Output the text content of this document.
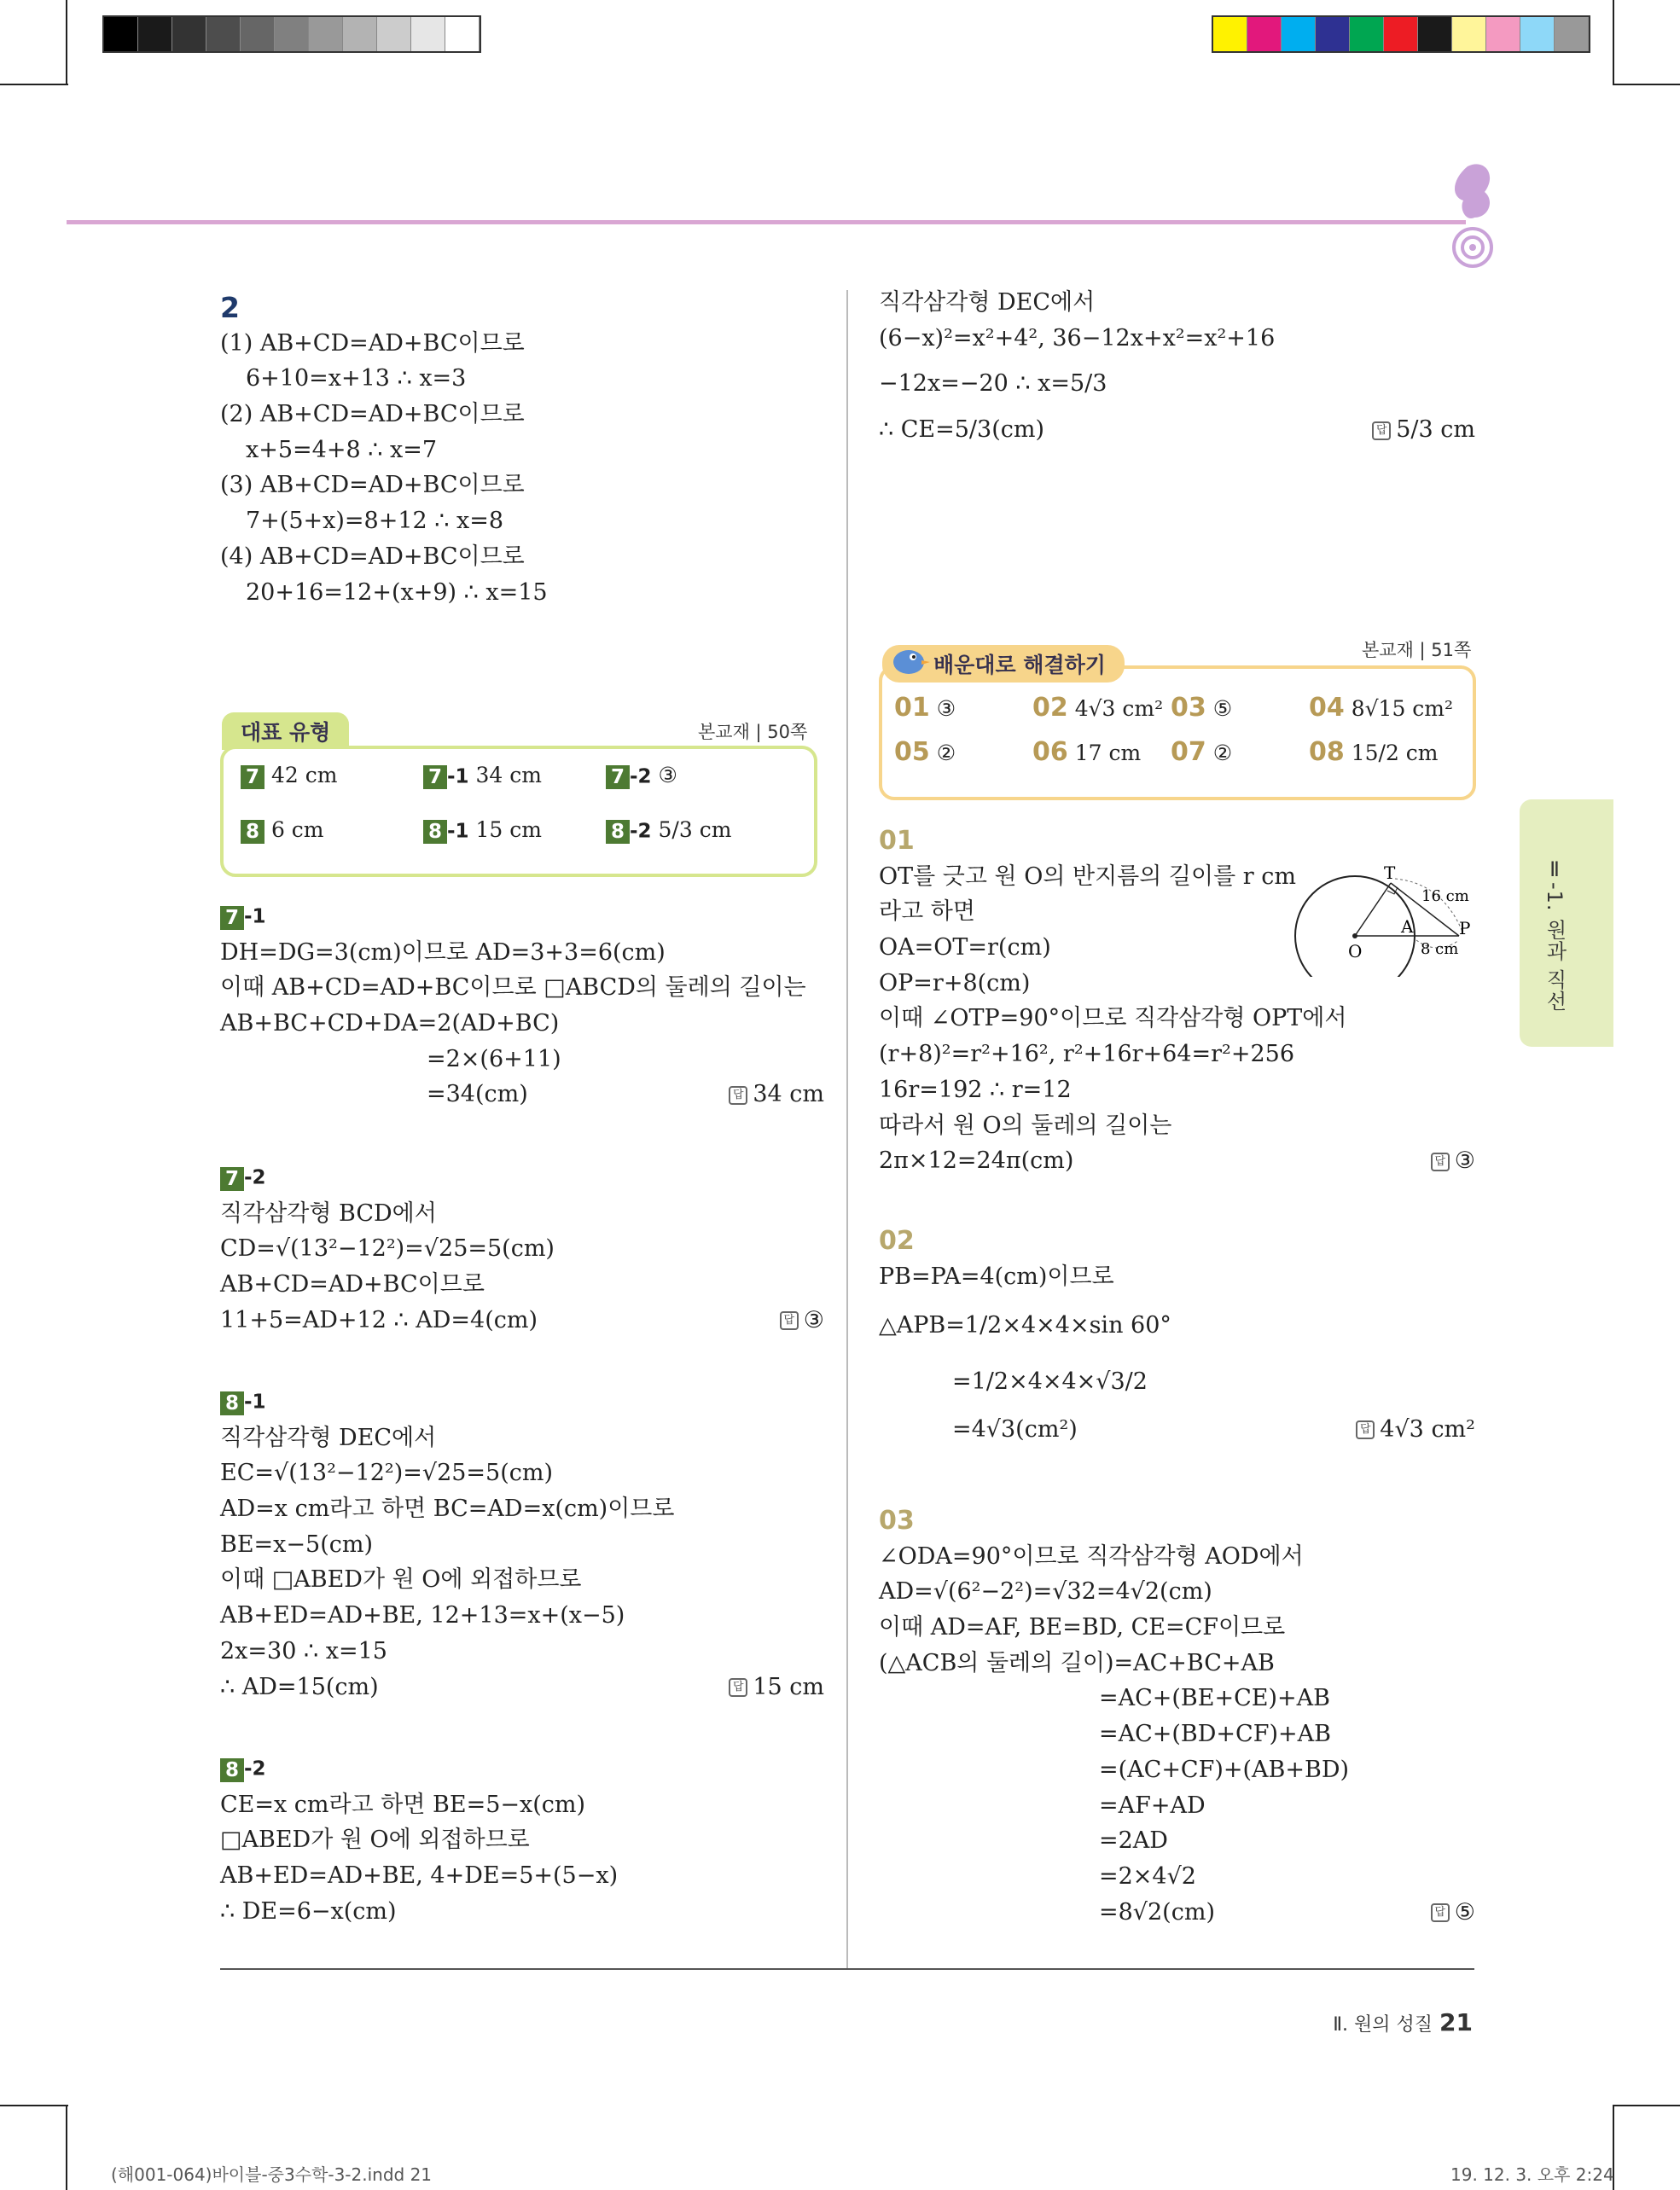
2
(1) AB+CD=AD+BC이므로
6+10=x+13 ∴ x=3
(2) AB+CD=AD+BC이므로
x+5=4+8 ∴ x=7
(3) AB+CD=AD+BC이므로
7+(5+x)=8+12 ∴ x=8
(4) AB+CD=AD+BC이므로
20+16=12+(x+9) ∴ x=15
대표 유형	본교재 | 50쪽
7 42 cm	7 -1 34 cm	7 -2 ③
8 6 cm	8 -1 15 cm	8 -2 5/3 cm
7 -1
DH=DG=3(cm)이므로 AD=3+3=6(cm)
이때 AB+CD=AD+BC이므로 □ABCD의 둘레의 길이는
AB+BC+CD+DA=2(AD+BC)
=2×(6+11)
=34(cm)	답 34 cm
7 -2
직각삼각형 BCD에서
CD=√(13²−12²)=√25=5(cm)
AB+CD=AD+BC이므로
11+5=AD+12 ∴ AD=4(cm)	답 ③
8 -1
직각삼각형 DEC에서
EC=√(13²−12²)=√25=5(cm)
AD=x cm라고 하면 BC=AD=x(cm)이므로
BE=x−5(cm)
이때 □ABED가 원 O에 외접하므로
AB+ED=AD+BE, 12+13=x+(x−5)
2x=30 ∴ x=15
∴ AD=15(cm)	답 15 cm
8 -2
CE=x cm라고 하면 BE=5−x(cm)
□ABED가 원 O에 외접하므로
AB+ED=AD+BE, 4+DE=5+(5−x)
∴ DE=6−x(cm)
직각삼각형 DEC에서
(6−x)²=x²+4², 36−12x+x²=x²+16
−12x=−20 ∴ x=5/3
∴ CE=5/3(cm)	답 5/3 cm
본교재 | 51쪽
01 ③	02 4√3 cm² 03 ⑤	04 8√15 cm²
05 ②	06 17 cm 07 ②	08 15/2 cm
배운대로 해결하기
01
OT를 긋고 원 O의 반지름의 길이를 r cm
라고 하면
OA=OT=r(cm)
OP=r+8(cm)
이때 ∠OTP=90°이므로 직각삼각형 OPT에서
(r+8)²=r²+16², r²+16r+64=r²+256
16r=192 ∴ r=12
따라서 원 O의 둘레의 길이는
2π×12=24π(cm)	답 ③
T
A
O
P
16 cm
8 cm
02
PB=PA=4(cm)이므로
△APB=1/2×4×4×sin 60°
=1/2×4×4×√3/2
=4√3(cm²)	답 4√3 cm²
03
∠ODA=90°이므로 직각삼각형 AOD에서
AD=√(6²−2²)=√32=4√2(cm)
이때 AD=AF, BE=BD, CE=CF이므로
(△ACB의 둘레의 길이)=AC+BC+AB
=AC+(BE+CE)+AB
=AC+(BD+CF)+AB
=(AC+CF)+(AB+BD)
=AF+AD
=2AD
=2×4√2
=8√2(cm)	답 ⑤
Ⅱ-1. 원과 직선
Ⅱ. 원의 성질 21
(해001-064)바이블-중3수학-3-2.indd 21	19. 12. 3. 오후 2:24
